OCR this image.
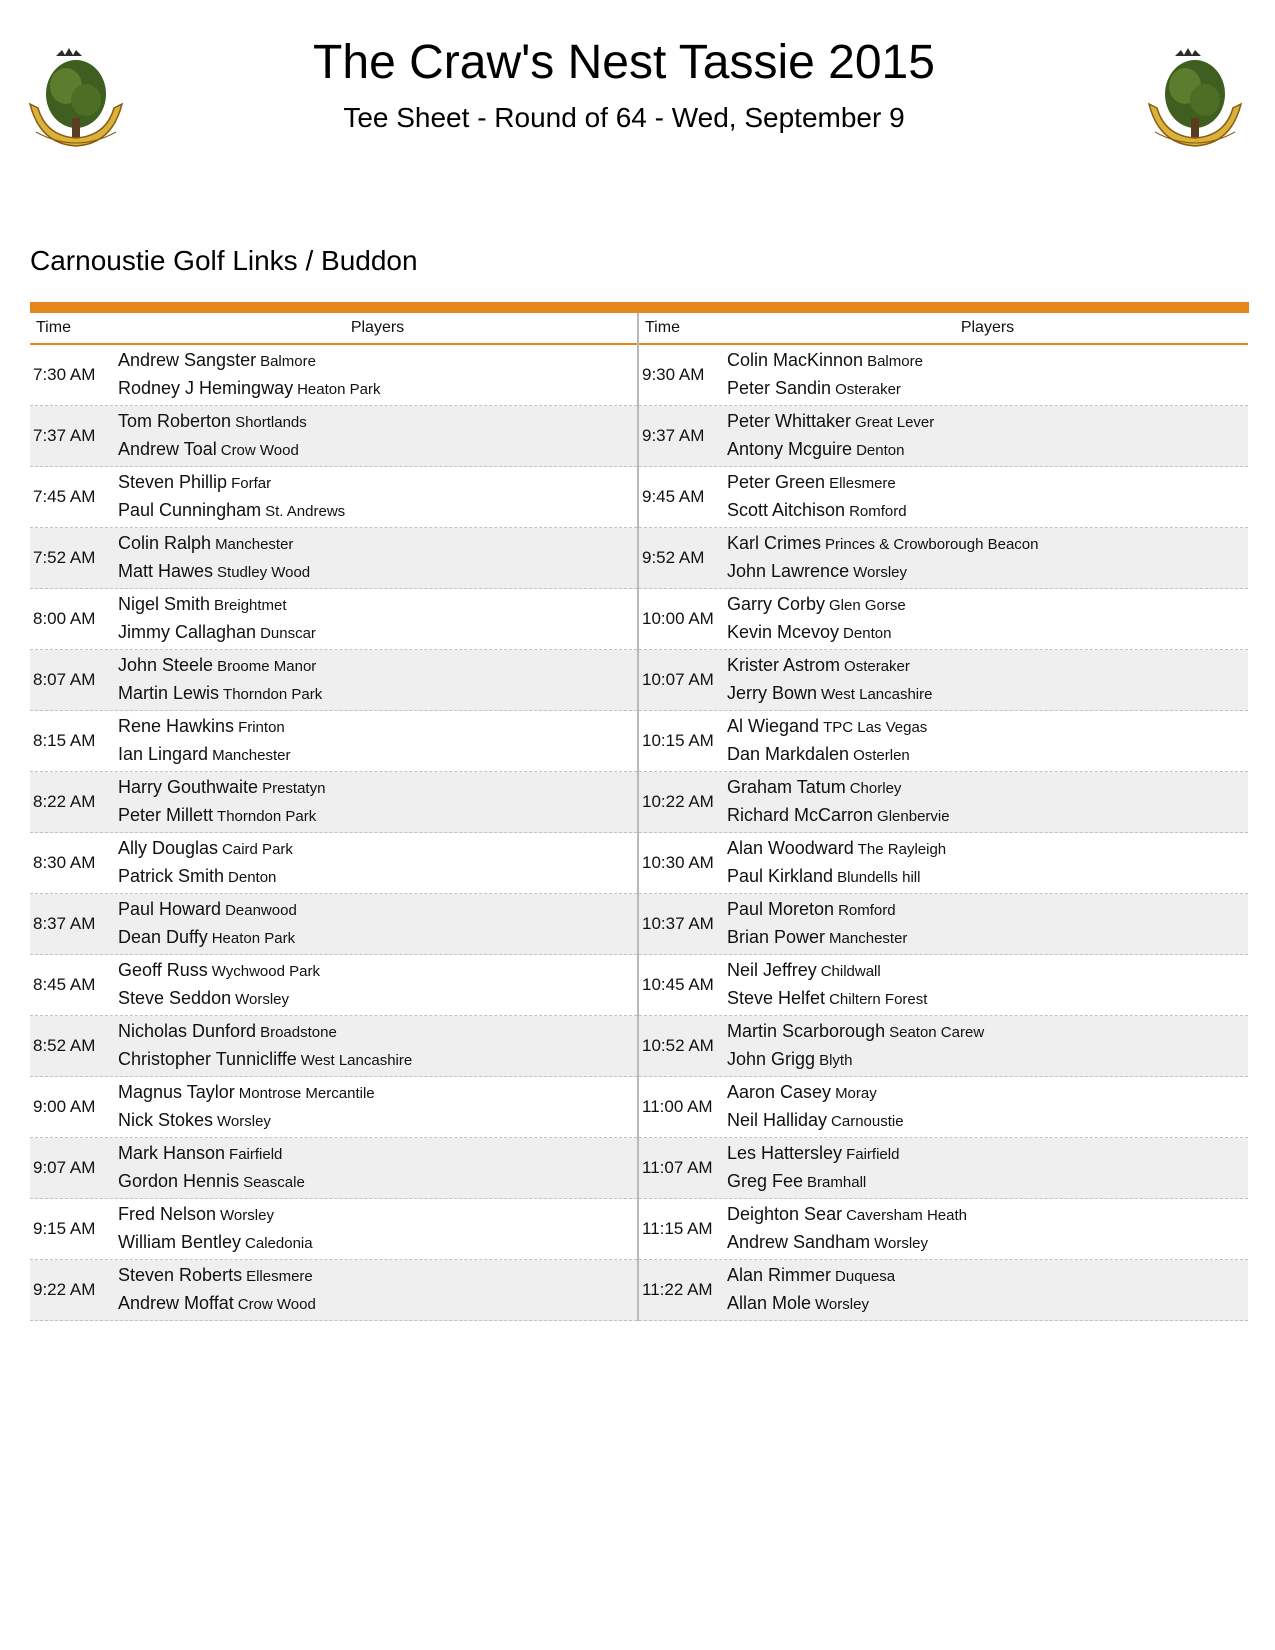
The Craw's Nest Tassie 2015
Tee Sheet - Round of 64 - Wed, September 9
Carnoustie Golf Links / Buddon
Time	Players
7:30 AM
Andrew Sangster Balmore
Rodney J Hemingway Heaton Park
7:37 AM
Tom Roberton Shortlands
Andrew Toal Crow Wood
7:45 AM
Steven Phillip Forfar
Paul Cunningham St. Andrews
7:52 AM
Colin Ralph Manchester
Matt Hawes Studley Wood
8:00 AM
Nigel Smith Breightmet
Jimmy Callaghan Dunscar
8:07 AM
John Steele Broome Manor
Martin Lewis Thorndon Park
8:15 AM
Rene Hawkins Frinton
Ian Lingard Manchester
8:22 AM
Harry Gouthwaite Prestatyn
Peter Millett Thorndon Park
8:30 AM
Ally Douglas Caird Park
Patrick Smith Denton
8:37 AM
Paul Howard Deanwood
Dean Duffy Heaton Park
8:45 AM
Geoff Russ Wychwood Park
Steve Seddon Worsley
8:52 AM
Nicholas Dunford Broadstone
Christopher Tunnicliffe West Lancashire
9:00 AM
Magnus Taylor Montrose Mercantile
Nick Stokes Worsley
9:07 AM
Mark Hanson Fairfield
Gordon Hennis Seascale
9:15 AM
Fred Nelson Worsley
William Bentley Caledonia
9:22 AM
Steven Roberts Ellesmere
Andrew Moffat Crow Wood
Time	Players
9:30 AM
Colin MacKinnon Balmore
Peter Sandin Osteraker
9:37 AM
Peter Whittaker Great Lever
Antony Mcguire Denton
9:45 AM
Peter Green Ellesmere
Scott Aitchison Romford
9:52 AM
Karl Crimes Princes & Crowborough Beacon
John Lawrence Worsley
10:00 AM
Garry Corby Glen Gorse
Kevin Mcevoy Denton
10:07 AM
Krister Astrom Osteraker
Jerry Bown West Lancashire
10:15 AM
Al Wiegand TPC Las Vegas
Dan Markdalen Osterlen
10:22 AM
Graham Tatum Chorley
Richard McCarron Glenbervie
10:30 AM
Alan Woodward The Rayleigh
Paul Kirkland Blundells hill
10:37 AM
Paul Moreton Romford
Brian Power Manchester
10:45 AM
Neil Jeffrey Childwall
Steve Helfet Chiltern Forest
10:52 AM
Martin Scarborough Seaton Carew
John Grigg Blyth
11:00 AM
Aaron Casey Moray
Neil Halliday Carnoustie
11:07 AM
Les Hattersley Fairfield
Greg Fee Bramhall
11:15 AM
Deighton Sear Caversham Heath
Andrew Sandham Worsley
11:22 AM
Alan Rimmer Duquesa
Allan Mole Worsley
